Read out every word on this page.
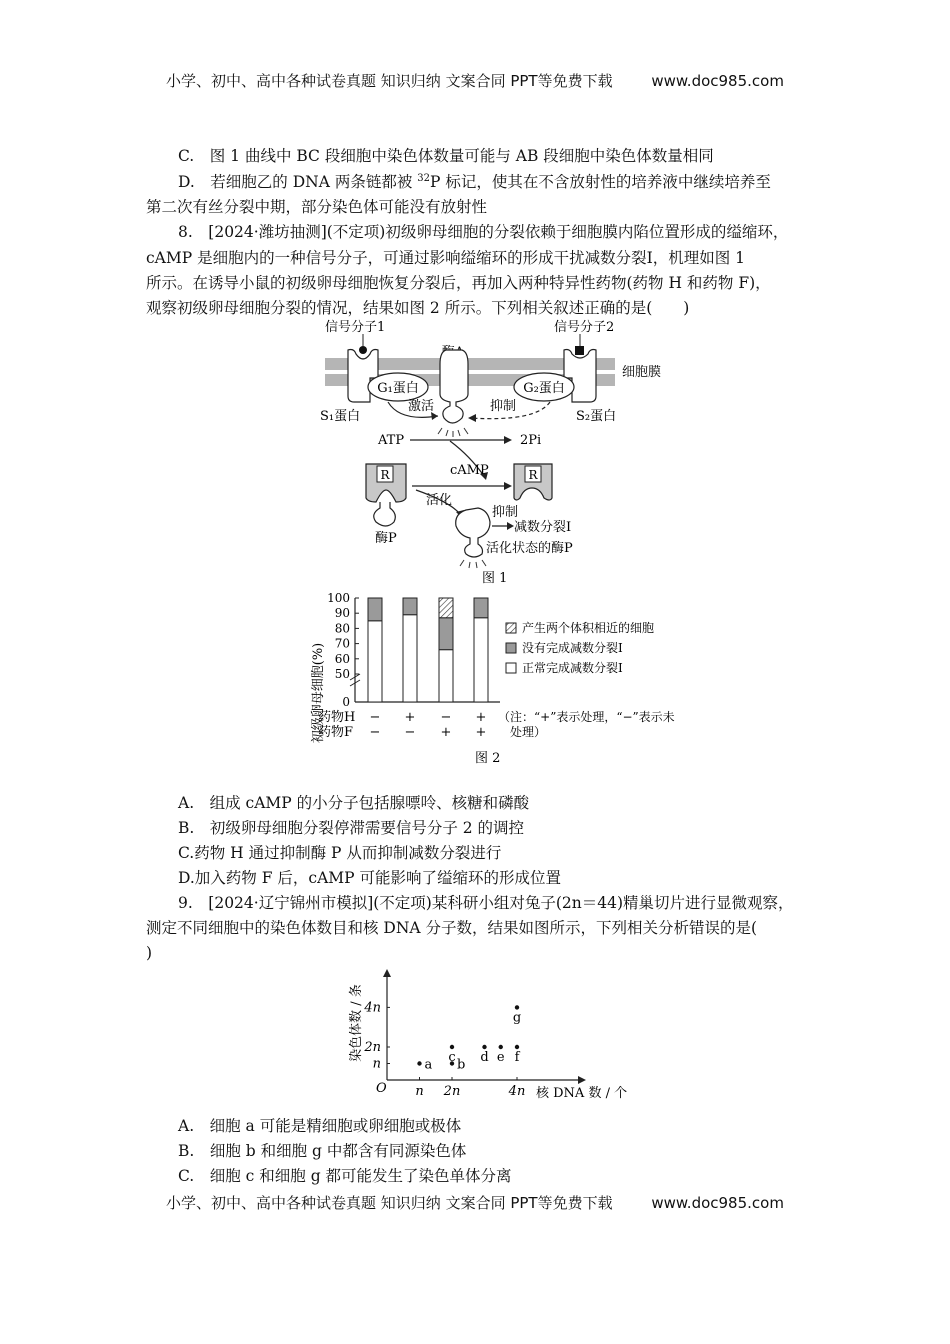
小学、初中、高中各种试卷真题 知识归纳 文案合同 PPT等免费下载	www.doc985.com
C.　图 1 曲线中 BC 段细胞中染色体数量可能与 AB 段细胞中染色体数量相同
D.　若细胞乙的 DNA 两条链都被 $^{32}$P 标记，使其在不含放射性的培养液中继续培养至
第二次有丝分裂中期，部分染色体可能没有放射性
8.　[2024·潍坊抽测](不定项)初级卵母细胞的分裂依赖于细胞膜内陷位置形成的缢缩环，
cAMP 是细胞内的一种信号分子，可通过影响缢缩环的形成干扰减数分裂Ⅰ，机理如图 1
所示。在诱导小鼠的初级卵母细胞恢复分裂后，再加入两种特异性药物(药物 H 和药物 F)，
观察初级卵母细胞分裂的情况，结果如图 2 所示。下列相关叙述正确的是(　　)
信号分子1
G₁蛋白
S₁蛋白
激活
信号分子2
细胞膜
G₂蛋白
S₂蛋白
抑制
ATP	2Pi
cAMP
R
酶P
活化
R
抑制
减数分裂Ⅰ
活化状态的酶P
图 1
初级卵母细胞(%) 0
50
60
70
80
90
100
产生两个体积相近的细胞
没有完成减数分裂Ⅰ
正常完成减数分裂Ⅰ
药物H
药物F
− + − +
− − + +
（注：“+”表示处理，“−”表示未
处理）
图 2
A.　组成 cAMP 的小分子包括腺嘌呤、核糖和磷酸
B.　初级卵母细胞分裂停滞需要信号分子 2 的调控
C.药物 H 通过抑制酶 P 从而抑制减数分裂进行
D.加入药物 F 后，cAMP 可能影响了缢缩环的形成位置
9.　[2024·辽宁锦州市模拟](不定项)某科研小组对兔子(2n＝44)精巢切片进行显微观察，
测定不同细胞中的染色体数目和核 DNA 分子数，结果如图所示，下列相关分析错误的是(
)
染色体数 / 条
O	核 DNA 数 / 个
n 2n	4n
n
2n
4n
a b
c d e f
g
A.　细胞 a 可能是精细胞或卵细胞或极体
B.　细胞 b 和细胞 g 中都含有同源染色体
C.　细胞 c 和细胞 g 都可能发生了染色单体分离
小学、初中、高中各种试卷真题 知识归纳 文案合同 PPT等免费下载	www.doc985.com
